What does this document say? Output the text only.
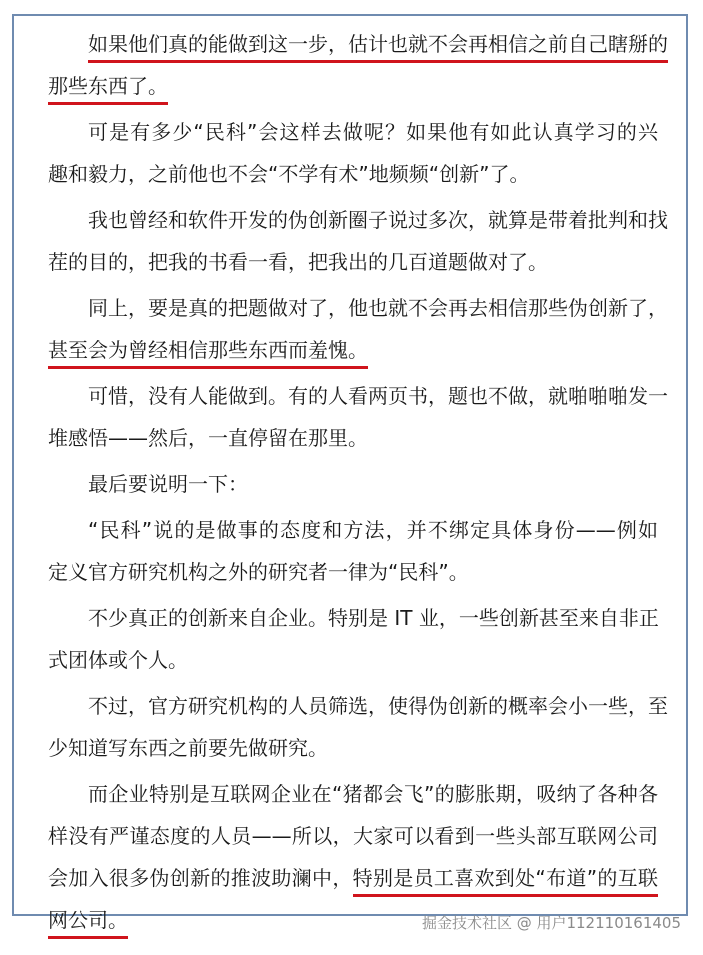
如果他们真的能做到这一步，估计也就不会再相信之前自己瞎掰的
那些东西了。
可是有多少“民科”会这样去做呢？如果他有如此认真学习的兴
趣和毅力，之前他也不会“不学有术”地频频“创新”了。
我也曾经和软件开发的伪创新圈子说过多次，就算是带着批判和找
茬的目的，把我的书看一看，把我出的几百道题做对了。
同上，要是真的把题做对了，他也就不会再去相信那些伪创新了，
甚至会为曾经相信那些东西而羞愧。
可惜，没有人能做到。有的人看两页书，题也不做，就啪啪啪发一
堆感悟——然后，一直停留在那里。
最后要说明一下：
“民科”说的是做事的态度和方法，并不绑定具体身份——例如
定义官方研究机构之外的研究者一律为“民科”。
不少真正的创新来自企业。特别是 IT 业，一些创新甚至来自非正
式团体或个人。
不过，官方研究机构的人员筛选，使得伪创新的概率会小一些，至
少知道写东西之前要先做研究。
而企业特别是互联网企业在“猪都会飞”的膨胀期，吸纳了各种各
样没有严谨态度的人员——所以，大家可以看到一些头部互联网公司
会加入很多伪创新的推波助澜中，特别是员工喜欢到处“布道”的互联
网公司。	掘金技术社区 @ 用户112110161405
